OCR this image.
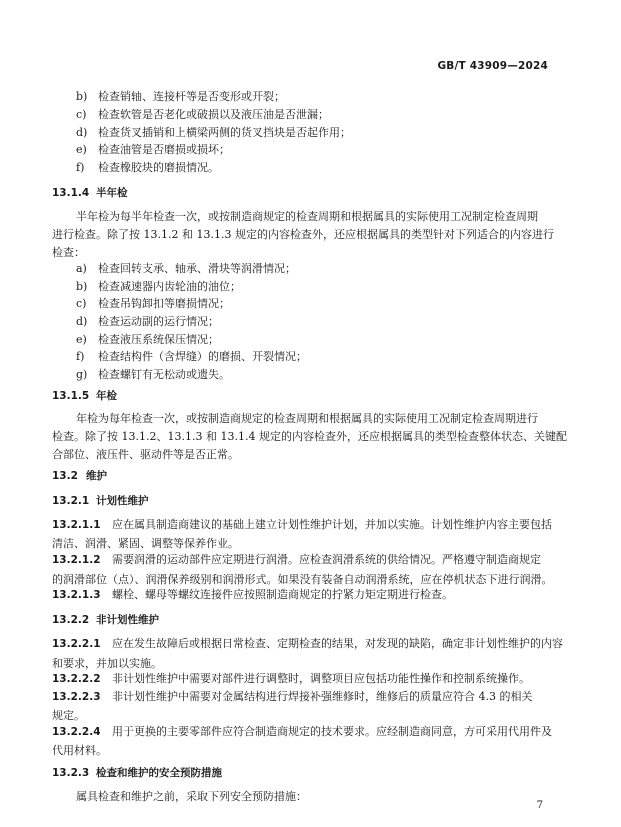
GB/T 43909—2024
b) 检查销轴、连接杆等是否变形或开裂；
c) 检查软管是否老化或破损以及液压油是否泄漏；
d) 检查货叉插销和上横梁两侧的货叉挡块是否起作用；
e) 检查油管是否磨损或损坏；
f) 检查橡胶块的磨损情况。
13.1.4 半年检
半年检为每半年检查一次，或按制造商规定的检查周期和根据属具的实际使用工况制定检查周期
进行检查。除了按 13.1.2 和 13.1.3 规定的内容检查外，还应根据属具的类型针对下列适合的内容进行
检查：
a) 检查回转支承、轴承、滑块等润滑情况；
b) 检查减速器内齿轮油的油位；
c) 检查吊钩卸扣等磨损情况；
d) 检查运动副的运行情况；
e) 检查液压系统保压情况；
f) 检查结构件（含焊缝）的磨损、开裂情况；
g) 检查螺钉有无松动或遗失。
13.1.5 年检
年检为每年检查一次，或按制造商规定的检查周期和根据属具的实际使用工况制定检查周期进行
检查。除了按 13.1.2、13.1.3 和 13.1.4 规定的内容检查外，还应根据属具的类型检查整体状态、关键配
合部位、液压件、驱动件等是否正常。
13.2 维护
13.2.1 计划性维护
13.2.1.1 应在属具制造商建议的基础上建立计划性维护计划，并加以实施。计划性维护内容主要包括
清洁、润滑、紧固、调整等保养作业。
13.2.1.2 需要润滑的运动部件应定期进行润滑。应检查润滑系统的供给情况。严格遵守制造商规定
的润滑部位（点）、润滑保养级别和润滑形式。如果没有装备自动润滑系统，应在停机状态下进行润滑。
13.2.1.3 螺栓、螺母等螺纹连接件应按照制造商规定的拧紧力矩定期进行检查。
13.2.2 非计划性维护
13.2.2.1 应在发生故障后或根据日常检查、定期检查的结果，对发现的缺陷，确定非计划性维护的内容
和要求，并加以实施。
13.2.2.2 非计划性维护中需要对部件进行调整时，调整项目应包括功能性操作和控制系统操作。
13.2.2.3 非计划性维护中需要对金属结构进行焊接补强维修时，维修后的质量应符合 4.3 的相关
规定。
13.2.2.4 用于更换的主要零部件应符合制造商规定的技术要求。应经制造商同意，方可采用代用件及
代用材料。
13.2.3 检查和维护的安全预防措施
属具检查和维护之前，采取下列安全预防措施：
7
